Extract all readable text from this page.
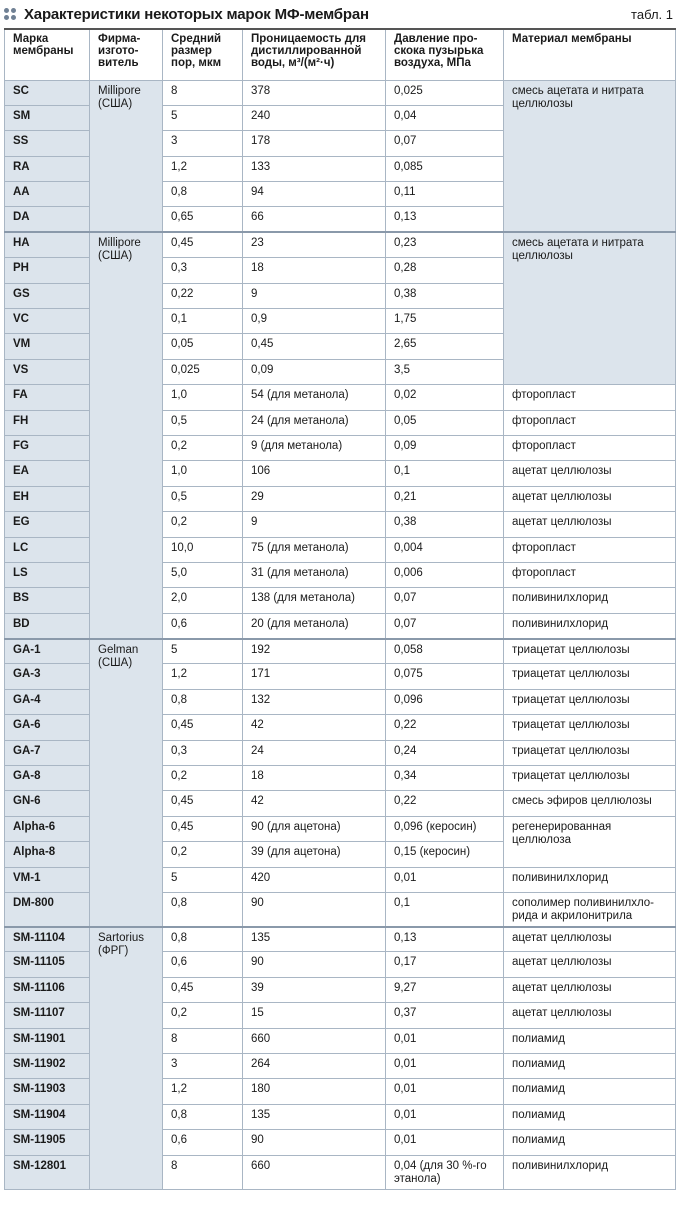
Характеристики некоторых марок МФ-мембран	табл. 1
Марка мембраны	Фирма-изгото-витель	Средний размер пор, мкм	Проницаемость для дистиллированной воды, м³/(м²·ч)	Давление про-скока пузырька воздуха, МПа	Материал мембраны
SC	Millipore (США)	8	378	0,025	смесь ацетата и нитрата целлюлозы
SM		5	240	0,04	
SS		3	178	0,07	
RA		1,2	133	0,085	
AA		0,8	94	0,11	
DA		0,65	66	0,13	
HA	Millipore (США)	0,45	23	0,23	смесь ацетата и нитрата целлюлозы
PH		0,3	18	0,28	
GS		0,22	9	0,38	
VC		0,1	0,9	1,75	
VM		0,05	0,45	2,65	
VS		0,025	0,09	3,5	
FA		1,0	54 (для метанола)	0,02	фторопласт
FH		0,5	24 (для метанола)	0,05	фторопласт
FG		0,2	9 (для метанола)	0,09	фторопласт
EA		1,0	106	0,1	ацетат целлюлозы
EH		0,5	29	0,21	ацетат целлюлозы
EG		0,2	9	0,38	ацетат целлюлозы
LC		10,0	75 (для метанола)	0,004	фторопласт
LS		5,0	31 (для метанола)	0,006	фторопласт
BS		2,0	138 (для метанола)	0,07	поливинилхлорид
BD		0,6	20 (для метанола)	0,07	поливинилхлорид
GA-1	Gelman (США)	5	192	0,058	триацетат целлюлозы
GA-3		1,2	171	0,075	триацетат целлюлозы
GA-4		0,8	132	0,096	триацетат целлюлозы
GA-6		0,45	42	0,22	триацетат целлюлозы
GA-7		0,3	24	0,24	триацетат целлюлозы
GA-8		0,2	18	0,34	триацетат целлюлозы
GN-6		0,45	42	0,22	смесь эфиров целлюлозы
Alpha-6		0,45	90 (для ацетона)	0,096 (керосин)	регенерированная целлюлоза
Alpha-8		0,2	39 (для ацетона)	0,15 (керосин)	
VM-1		5	420	0,01	поливинилхлорид
DM-800		0,8	90	0,1	сополимер поливинилхло-рида и акрилонитрила
SM-11104	Sartorius (ФРГ)	0,8	135	0,13	ацетат целлюлозы
SM-11105		0,6	90	0,17	ацетат целлюлозы
SM-11106		0,45	39	9,27	ацетат целлюлозы
SM-11107		0,2	15	0,37	ацетат целлюлозы
SM-11901		8	660	0,01	полиамид
SM-11902		3	264	0,01	полиамид
SM-11903		1,2	180	0,01	полиамид
SM-11904		0,8	135	0,01	полиамид
SM-11905		0,6	90	0,01	полиамид
SM-12801		8	660	0,04 (для 30 %-го этанола)	поливинилхлорид
